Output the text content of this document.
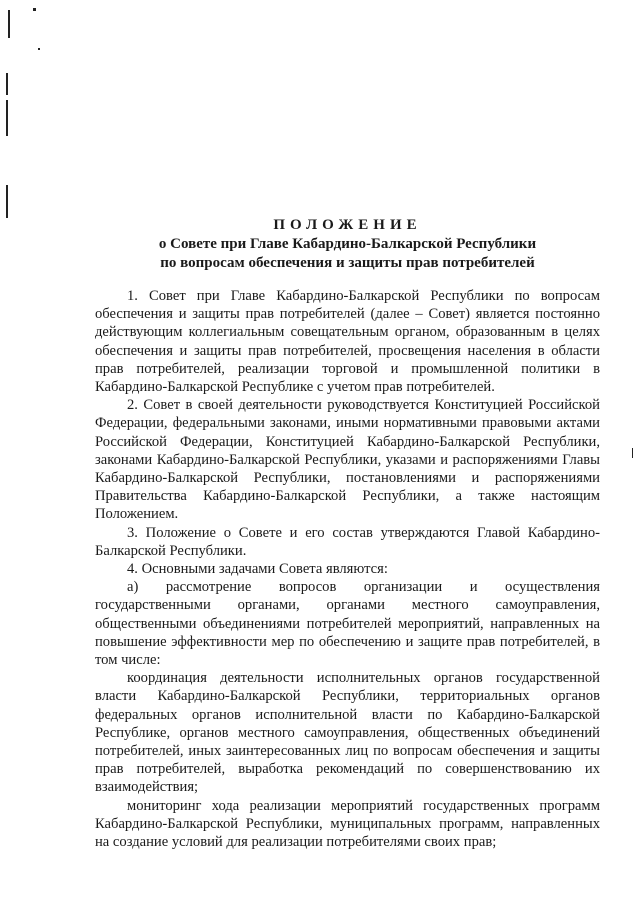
ПОЛОЖЕНИЕ
о Совете при Главе Кабардино-Балкарской Республики
по вопросам обеспечения и защиты прав потребителей

1. Совет при Главе Кабардино-Балкарской Республики по вопросам обеспечения и защиты прав потребителей (далее – Совет) является постоянно действующим коллегиальным совещательным органом, образованным в целях обеспечения и защиты прав потребителей, просвещения населения в области прав потребителей, реализации торговой и промышленной политики в Кабардино-Балкарской Республике с учетом прав потребителей.

2. Совет в своей деятельности руководствуется Конституцией Российской Федерации, федеральными законами, иными нормативными правовыми актами Российской Федерации, Конституцией Кабардино-Балкарской Республики, законами Кабардино-Балкарской Республики, указами и распоряжениями Главы Кабардино-Балкарской Республики, постановлениями и распоряжениями Правительства Кабардино-Балкарской Республики, а также настоящим Положением.

3. Положение о Совете и его состав утверждаются Главой Кабардино-Балкарской Республики.

4. Основными задачами Совета являются:

а) рассмотрение вопросов организации и осуществления государственными органами, органами местного самоуправления, общественными объединениями потребителей мероприятий, направленных на повышение эффективности мер по обеспечению и защите прав потребителей, в том числе:

координация деятельности исполнительных органов государственной власти Кабардино-Балкарской Республики, территориальных органов федеральных органов исполнительной власти по Кабардино-Балкарской Республике, органов местного самоуправления, общественных объединений потребителей, иных заинтересованных лиц по вопросам обеспечения и защиты прав потребителей, выработка рекомендаций по совершенствованию их взаимодействия;

мониторинг хода реализации мероприятий государственных программ Кабардино-Балкарской Республики, муниципальных программ, направленных на создание условий для реализации потребителями своих прав;
